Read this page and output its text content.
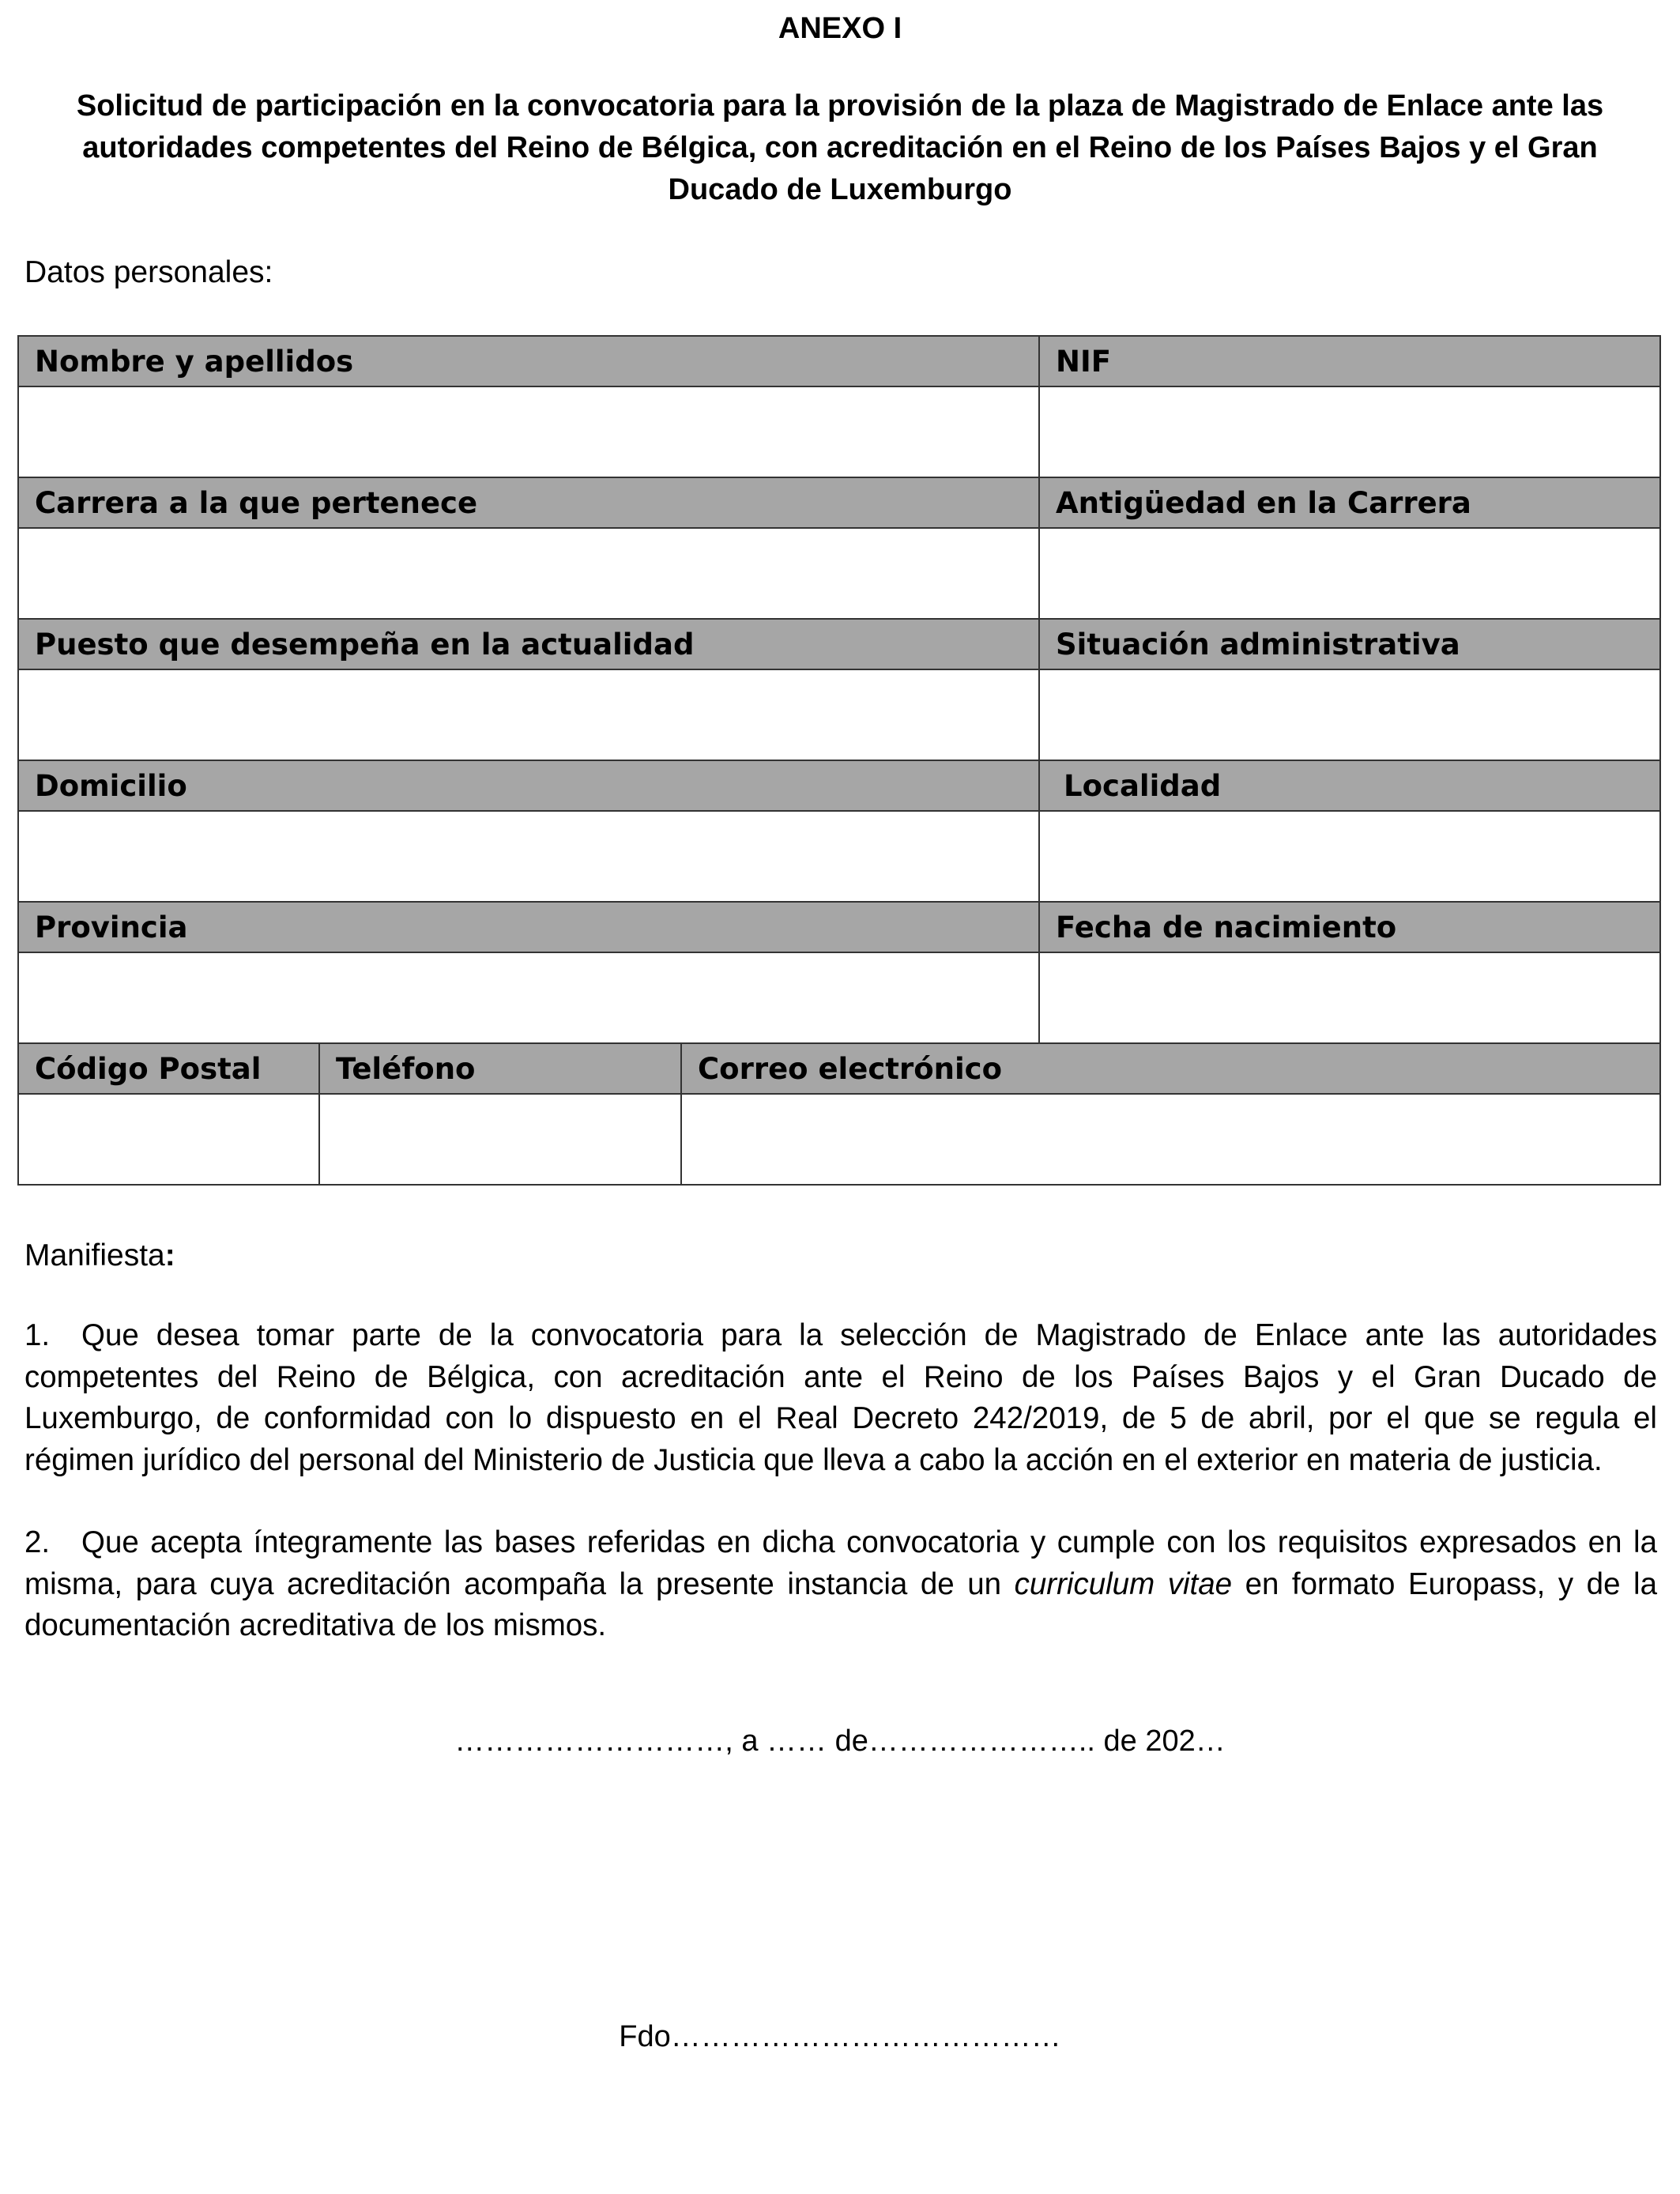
ANEXO I
Solicitud de participación en la convocatoria para la provisión de la plaza de Magistrado de Enlace ante las autoridades competentes del Reino de Bélgica, con acreditación en el Reino de los Países Bajos y el Gran Ducado de Luxemburgo
Datos personales:
Nombre y apellidos			NIF

Carrera a la que pertenece			Antigüedad en la Carrera

Puesto que desempeña en la actualidad			Situación administrativa

Domicilio			Localidad

Provincia			Fecha de nacimiento

Código Postal	Teléfono	Correo electrónico	

Manifiesta:
1. Que desea tomar parte de la convocatoria para la selección de Magistrado de Enlace ante las autoridades competentes del Reino de Bélgica, con acreditación ante el Reino de los Países Bajos y el Gran Ducado de Luxemburgo, de conformidad con lo dispuesto en el Real Decreto 242/2019, de 5 de abril, por el que se regula el régimen jurídico del personal del Ministerio de Justicia que lleva a cabo la acción en el exterior en materia de justicia.
2. Que acepta íntegramente las bases referidas en dicha convocatoria y cumple con los requisitos expresados en la misma, para cuya acreditación acompaña la presente instancia de un curriculum vitae en formato Europass, y de la documentación acreditativa de los mismos.
………………………, a …… de………………….. de 202…
Fdo…………………………………
